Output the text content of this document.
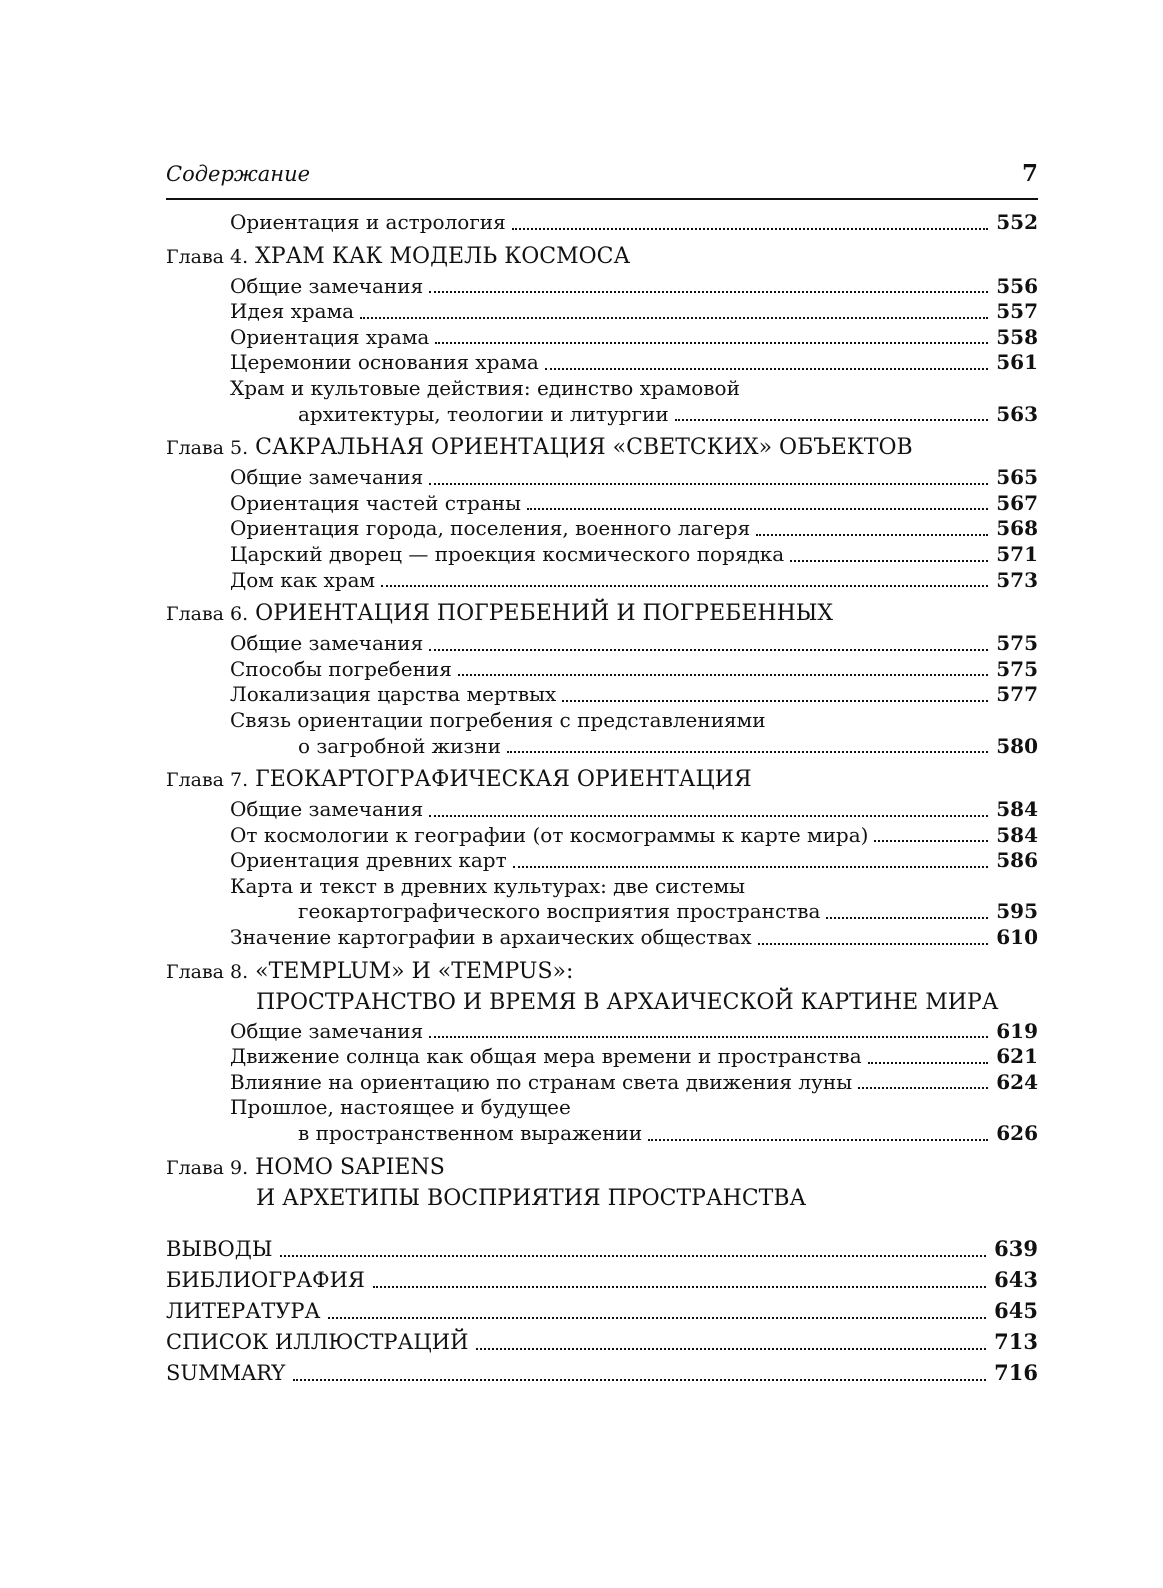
Содержание	7
Ориентация и астрология	552
Глава 4. ХРАМ КАК МОДЕЛЬ КОСМОСА
Общие замечания	556
Идея храма	557
Ориентация храма	558
Церемонии основания храма	561
Храм и культовые действия: единство храмовой
архитектуры, теологии и литургии	563
Глава 5. САКРАЛЬНАЯ ОРИЕНТАЦИЯ «СВЕТСКИХ» ОБЪЕКТОВ
Общие замечания	565
Ориентация частей страны	567
Ориентация города, поселения, военного лагеря	568
Царский дворец — проекция космического порядка	571
Дом как храм	573
Глава 6. ОРИЕНТАЦИЯ ПОГРЕБЕНИЙ И ПОГРЕБЕННЫХ
Общие замечания	575
Способы погребения	575
Локализация царства мертвых	577
Связь ориентации погребения с представлениями
о загробной жизни	580
Глава 7. ГЕОКАРТОГРАФИЧЕСКАЯ ОРИЕНТАЦИЯ
Общие замечания	584
От космологии к географии (от космограммы к карте мира)	584
Ориентация древних карт	586
Карта и текст в древних культурах: две системы
геокартографического восприятия пространства	595
Значение картографии в архаических обществах	610
Глава 8. «TEMPLUM» И «TEMPUS»:
ПРОСТРАНСТВО И ВРЕМЯ В АРХАИЧЕСКОЙ КАРТИНЕ МИРА
Общие замечания	619
Движение солнца как общая мера времени и пространства	621
Влияние на ориентацию по странам света движения луны	624
Прошлое, настоящее и будущее
в пространственном выражении	626
Глава 9. HOMO SAPIENS
И АРХЕТИПЫ ВОСПРИЯТИЯ ПРОСТРАНСТВА
ВЫВОДЫ	639
БИБЛИОГРАФИЯ	643
ЛИТЕРАТУРА	645
СПИСОК ИЛЛЮСТРАЦИЙ	713
SUMMARY	716
